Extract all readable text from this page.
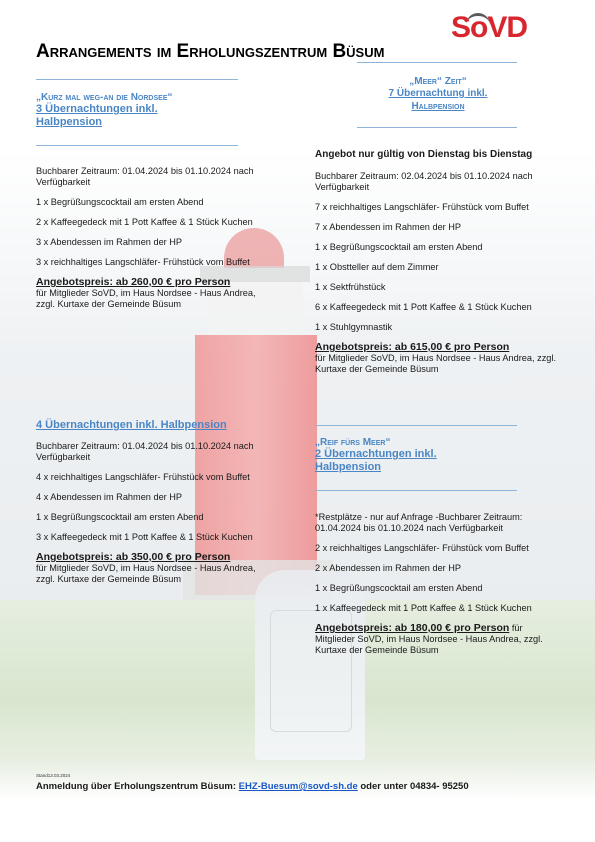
SoVD
Arrangements im Erholungszentrum Büsum
„Kurz mal weg-an die Nordsee“
3 Übernachtungen inkl.
Halbpension

Buchbarer Zeitraum: 01.04.2024 bis 01.10.2024 nach Verfügbarkeit

1 x Begrüßungscocktail am ersten Abend

2 x Kaffeegedeck mit 1 Pott Kaffee & 1 Stück Kuchen

3 x Abendessen im Rahmen der HP

3 x reichhaltiges Langschläfer- Frühstück vom Buffet

Angebotspreis: ab 260,00 € pro Person
für Mitglieder SoVD, im Haus Nordsee - Haus Andrea, zzgl. Kurtaxe der Gemeinde Büsum
4 Übernachtungen inkl. Halbpension

Buchbarer Zeitraum: 01.04.2024 bis 01.10.2024 nach Verfügbarkeit

4 x reichhaltiges Langschläfer- Frühstück vom Buffet

4 x Abendessen im Rahmen der HP

1 x Begrüßungscocktail am ersten Abend

3 x Kaffeegedeck mit 1 Pott Kaffee & 1 Stück Kuchen

Angebotspreis: ab 350,00 € pro Person
für Mitglieder SoVD, im Haus Nordsee - Haus Andrea, zzgl. Kurtaxe der Gemeinde Büsum
„Meer“ Zeit“
7 Übernachtung inkl.
Halbpension

Angebot nur gültig von Dienstag bis Dienstag

Buchbarer Zeitraum: 02.04.2024 bis 01.10.2024 nach Verfügbarkeit

7 x reichhaltiges Langschläfer- Frühstück vom Buffet

7 x Abendessen im Rahmen der HP

1 x Begrüßungscocktail am ersten Abend

1 x Obstteller auf dem Zimmer

1 x Sektfrühstück

6 x Kaffeegedeck mit 1 Pott Kaffee & 1 Stück Kuchen

1 x Stuhlgymnastik

Angebotspreis: ab 615,00 € pro Person
für Mitglieder SoVD, im Haus Nordsee - Haus Andrea, zzgl. Kurtaxe der Gemeinde Büsum
„Reif fürs Meer“
2 Übernachtungen inkl.
Halbpension

*Restplätze - nur auf Anfrage -Buchbarer Zeitraum: 01.04.2024 bis 01.10.2024 nach Verfügbarkeit

2 x reichhaltiges Langschläfer- Frühstück vom Buffet

2 x Abendessen im Rahmen der HP

1 x Begrüßungscocktail am ersten Abend

1 x Kaffeegedeck mit 1 Pott Kaffee & 1 Stück Kuchen

Angebotspreis: ab 180,00 € pro Person für
Mitglieder SoVD, im Haus Nordsee - Haus Andrea, zzgl. Kurtaxe der Gemeinde Büsum
Stand13.03.2024
Anmeldung über Erholungszentrum Büsum: EHZ-Buesum@sovd-sh.de oder unter 04834- 95250
